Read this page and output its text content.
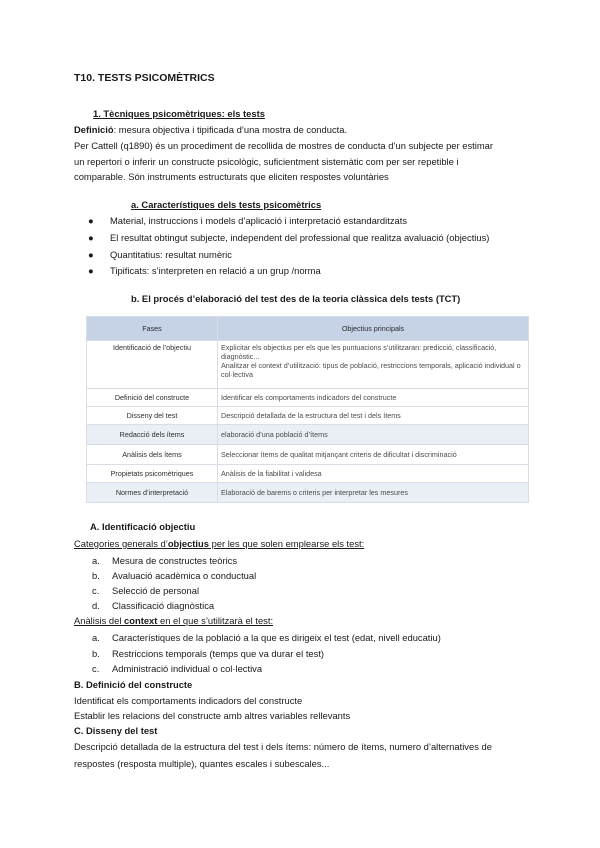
T10. TESTS PSICOMÈTRICS
1. Tècniques psicomètriques: els tests
Definició: mesura objectiva i tipificada d’una mostra de conducta.
Per Cattell (q1890) és un procediment de recollida de mostres de conducta d’un subjecte per estimar
un repertori o inferir un constructe psicològic, suficientment sistemàtic com per ser repetible i
comparable. Són instruments estructurats que eliciten respostes voluntàries
a. Característiques dels tests psicomètrics
● Material, instruccions i models d’aplicació i interpretació estandarditzats
● El resultat obtingut subjecte, independent del professional que realitza avaluació (objectius)
● Quantitatius: resultat numèric
● Tipificats: s’interpreten en relació a un grup /norma
b. El procés d’elaboració del test des de la teoria clàssica dels tests (TCT)
Fases	Objectius principals
Identificació de l’objectiu	Explicitar els objectius per els que les puntuacions s’utilitzaran: predicció, classificació, diagnòstic...
Analitzar el context d’utilització: tipus de població, restriccions temporals, aplicació individual o col·lectiva

Definició del constructe	Identificar els comportaments indicadors del constructe
Disseny del test	Descripció detallada de la estructura del test i dels ítems
Redacció dels ítems	elaboració d’una població d’ítems
Anàlisis dels ítems	Seleccionar ítems de qualitat mitjançant criteris de dificultat i discriminació
Propietats psicomètriques	Anàlisis de la fiabilitat i validesa
Normes d’interpretació	Elaboració de barems o criteris per interpretar les mesures
A. Identificació objectiu
Categories generals d’objectius per les que solen emplearse els test:
a. Mesura de constructes teòrics
b. Avaluació acadèmica o conductual
c. Selecció de personal
d. Classificació diagnòstica
Anàlisis del context en el que s’utilitzarà el test:
a. Característiques de la població a la que es dirigeix el test (edat, nivell educatiu)
b. Restriccions temporals (temps que va durar el test)
c. Administració individual o col·lectiva
B. Definició del constructe
Identificat els comportaments indicadors del constructe
Establir les relacions del constructe amb altres variables rellevants
C. Disseny del test
Descripció detallada de la estructura del test i dels ítems: número de ítems, numero d’alternatives de
respostes (resposta multiple), quantes escales i subescales...
